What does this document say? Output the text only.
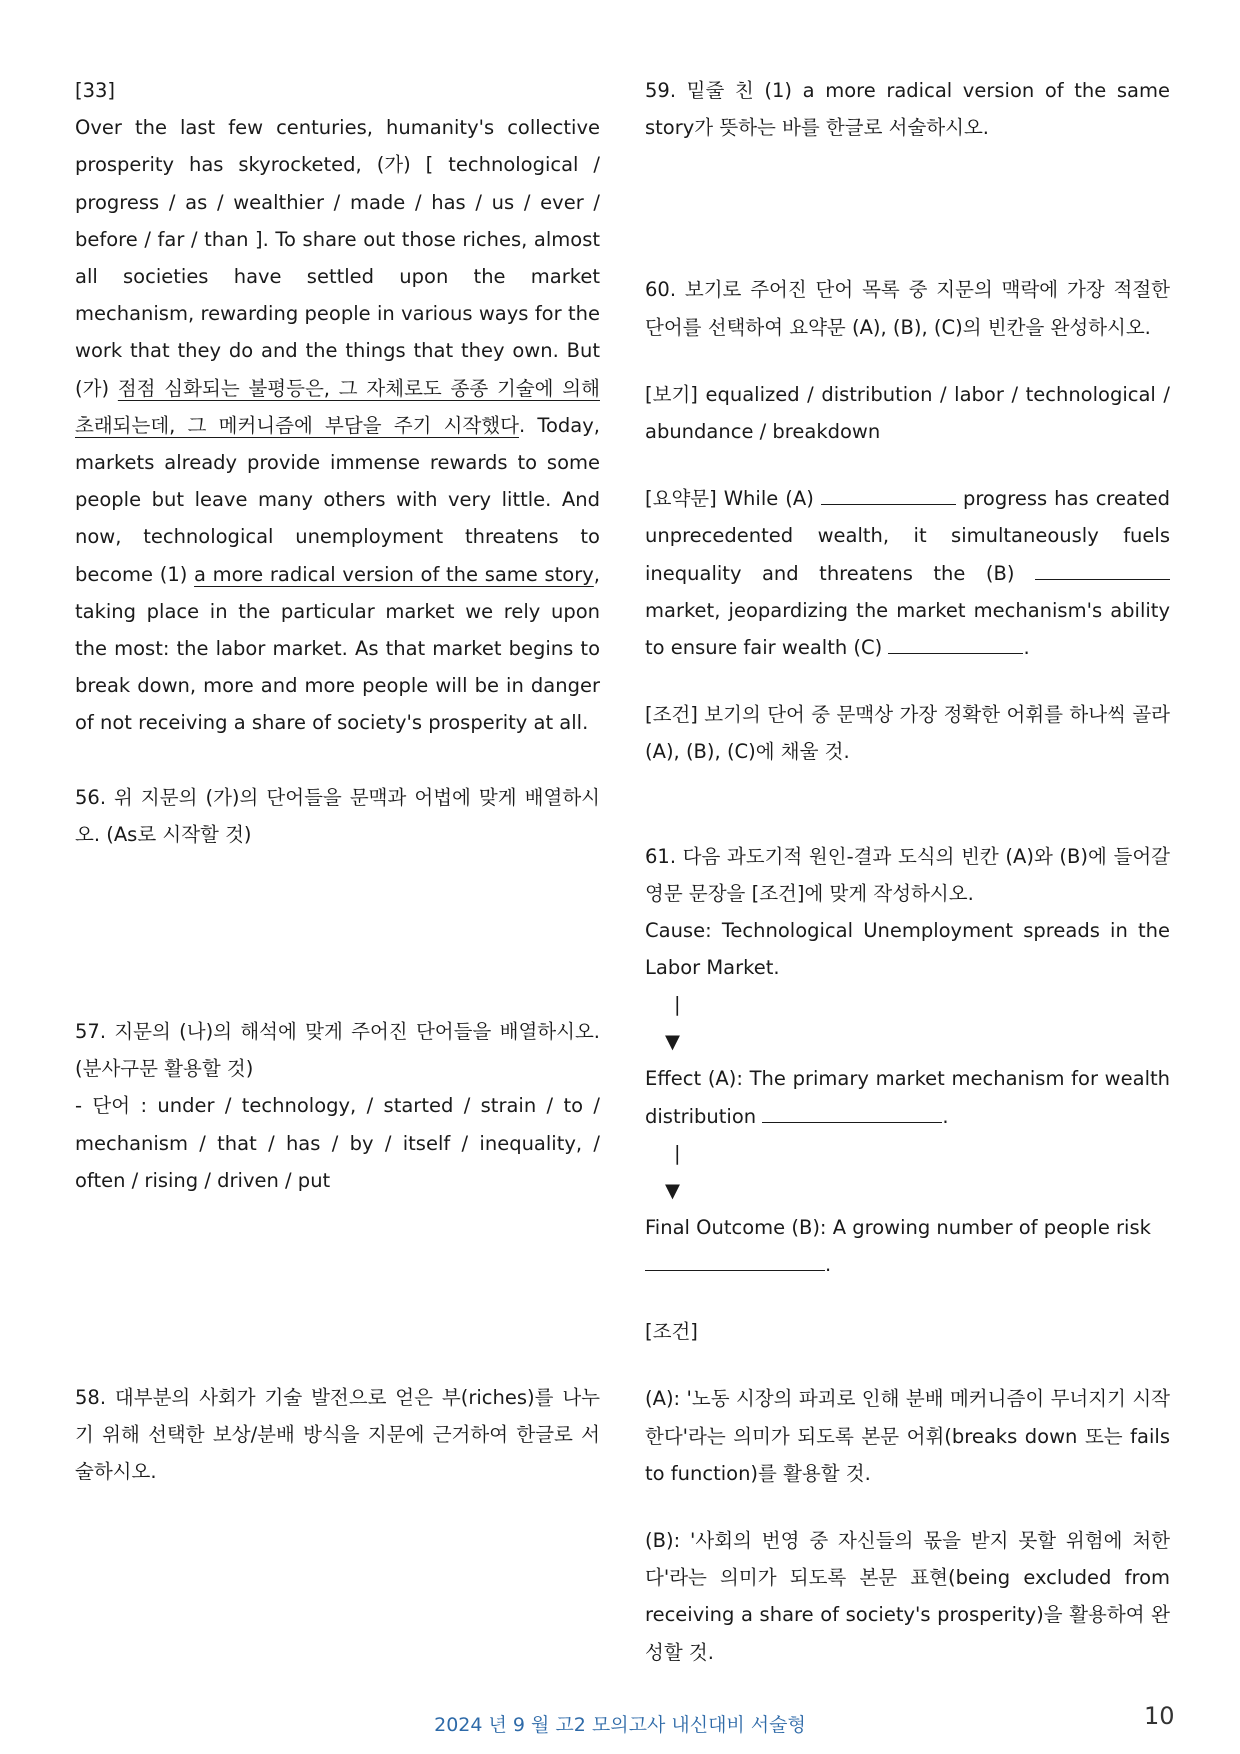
[33]

Over the last few centuries, humanity's collective prosperity has skyrocketed, (가) [ technological / progress / as / wealthier / made / has / us / ever / before / far / than ]. To share out those riches, almost all societies have settled upon the market mechanism, rewarding people in various ways for the work that they do and the things that they own. But (가) 점점 심화되는 불평등은, 그 자체로도 종종 기술에 의해 초래되는데, 그 메커니즘에 부담을 주기 시작했다. Today, markets already provide immense rewards to some people but leave many others with very little. And now, technological unemployment threatens to become (1) a more radical version of the same story, taking place in the particular market we rely upon the most: the labor market. As that market begins to break down, more and more people will be in danger of not receiving a share of society's prosperity at all.

56. 위 지문의 (가)의 단어들을 문맥과 어법에 맞게 배열하시오. (As로 시작할 것)

57. 지문의 (나)의 해석에 맞게 주어진 단어들을 배열하시오. (분사구문 활용할 것)

- 단어 : under / technology, / started / strain / to / mechanism / that / has / by / itself / inequality, / often / rising / driven / put

58. 대부분의 사회가 기술 발전으로 얻은 부(riches)를 나누기 위해 선택한 보상/분배 방식을 지문에 근거하여 한글로 서술하시오.

59. 밑줄 친 (1) a more radical version of the same story가 뜻하는 바를 한글로 서술하시오.

60. 보기로 주어진 단어 목록 중 지문의 맥락에 가장 적절한 단어를 선택하여 요약문 (A), (B), (C)의 빈칸을 완성하시오.

[보기] equalized / distribution / labor / technological / abundance / breakdown

[요약문] While (A)	progress has created unprecedented wealth, it simultaneously fuels inequality and threatens the (B)  market, jeopardizing the market mechanism's ability to ensure fair wealth (C)	.

[조건] 보기의 단어 중 문맥상 가장 정확한 어휘를 하나씩 골라 (A), (B), (C)에 채울 것.

61. 다음 과도기적 원인-결과 도식의 빈칸 (A)와 (B)에 들어갈 영문 문장을 [조건]에 맞게 작성하시오.

Cause: Technological Unemployment spreads in the Labor Market.

|
▼

Effect (A): The primary market mechanism for wealth distribution	.

|
▼

Final Outcome (B): A growing number of people risk
.

[조건]

(A): '노동 시장의 파괴로 인해 분배 메커니즘이 무너지기 시작한다'라는 의미가 되도록 본문 어휘(breaks down 또는 fails to function)를 활용할 것.

(B): '사회의 번영 중 자신들의 몫을 받지 못할 위험에 처한다'라는 의미가 되도록 본문 표현(being excluded from receiving a share of society's prosperity)을 활용하여 완성할 것.

2024 년 9 월 고2 모의고사 내신대비 서술형	10
